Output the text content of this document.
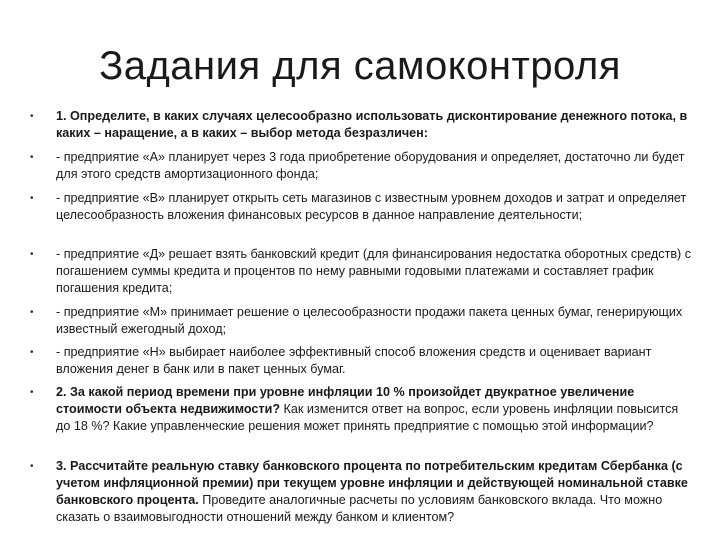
Задания для самоконтроля
• 1. Определите, в каких случаях целесообразно использовать дисконтирование денежного потока, в каких – наращение, а в каких – выбор метода безразличен:
• - предприятие «А» планирует через 3 года приобретение оборудования и определяет, достаточно ли будет для этого средств амортизационного фонда;
• - предприятие «В» планирует открыть сеть магазинов с известным уровнем доходов и затрат и определяет целесообразность вложения финансовых ресурсов в данное направление деятельности;
• - предприятие «Д» решает взять банковский кредит (для финансирования недостатка оборотных средств) с погашением суммы кредита и процентов по нему равными годовыми платежами и составляет график погашения кредита;
• - предприятие «М» принимает решение о целесообразности продажи пакета ценных бумаг, генерирующих известный ежегодный доход;
• - предприятие «Н» выбирает наиболее эффективный способ вложения средств и оценивает вариант вложения денег в банк или в пакет ценных бумаг.
• 2. За какой период времени при уровне инфляции 10 % произойдет двукратное увеличение стоимости объекта недвижимости? Как изменится ответ на вопрос, если уровень инфляции повысится до 18 %? Какие управленческие решения может принять предприятие с помощью этой информации?
• 3. Рассчитайте реальную ставку банковского процента по потребительским кредитам Сбербанка (с учетом инфляционной премии) при текущем уровне инфляции и действующей номинальной ставке банковского процента. Проведите аналогичные расчеты по условиям банковского вклада. Что можно сказать о взаимовыгодности отношений между банком и клиентом?
